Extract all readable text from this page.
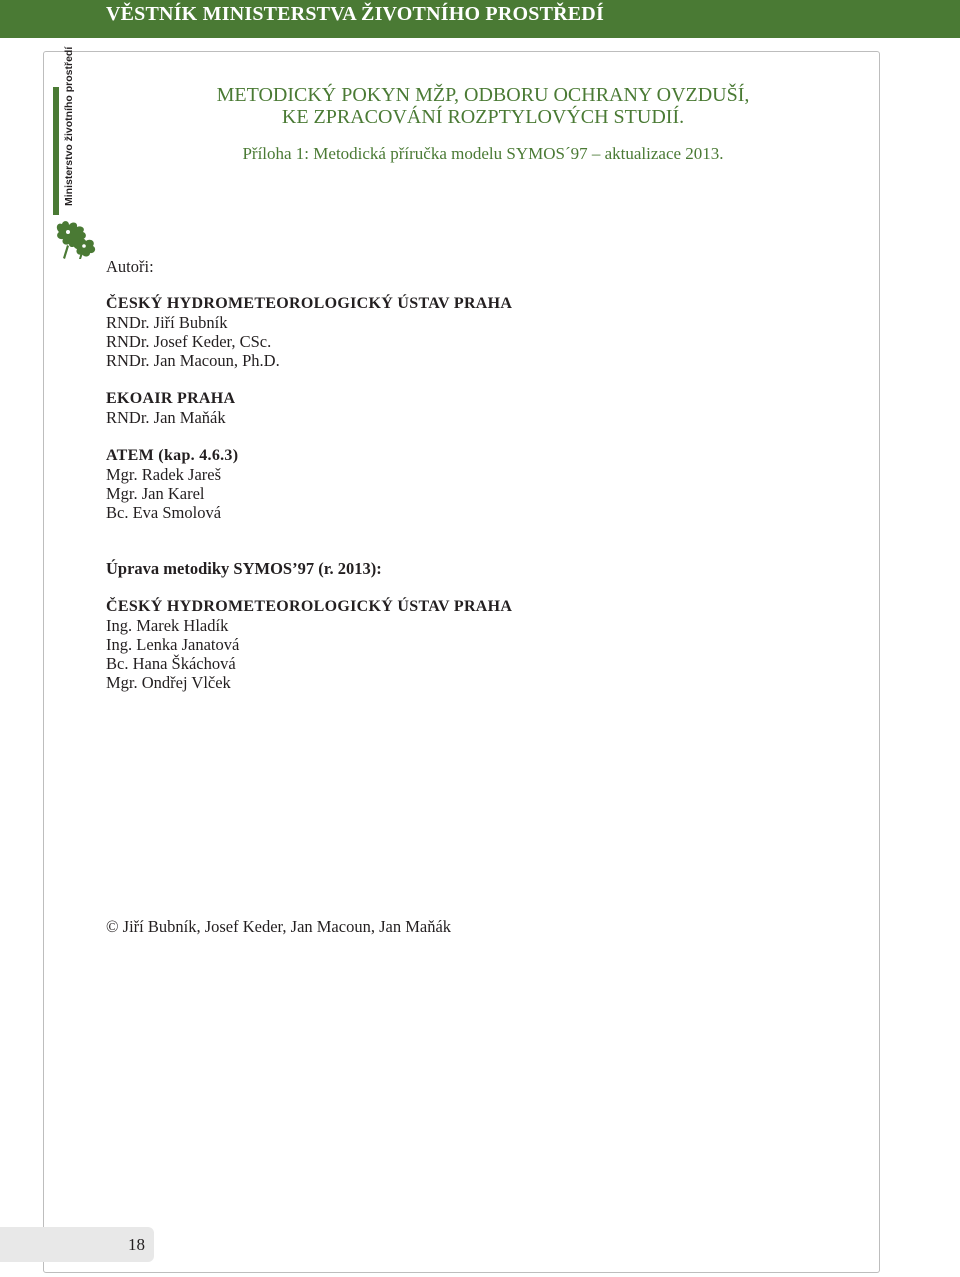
VĚSTNÍK MINISTERSTVA ŽIVOTNÍHO PROSTŘEDÍ
Ministerstvo životního prostředí	METODICKÝ POKYN MŽP, ODBORU OCHRANY OVZDUŠÍ,
KE ZPRACOVÁNÍ ROZPTYLOVÝCH STUDIÍ.
Příloha 1: Metodická příručka modelu SYMOS´97 – aktualizace 2013.
Autoři:
ČESKÝ HYDROMETEOROLOGICKÝ ÚSTAV PRAHA
RNDr. Jiří Bubník
RNDr. Josef Keder, CSc.
RNDr. Jan Macoun, Ph.D.
EKOAIR PRAHA
RNDr. Jan Maňák
ATEM (kap. 4.6.3)
Mgr. Radek Jareš
Mgr. Jan Karel
Bc. Eva Smolová
Úprava metodiky SYMOS’97 (r. 2013):
ČESKÝ HYDROMETEOROLOGICKÝ ÚSTAV PRAHA
Ing. Marek Hladík
Ing. Lenka Janatová
Bc. Hana Škáchová
Mgr. Ondřej Vlček
© Jiří Bubník, Josef Keder, Jan Macoun, Jan Maňák
18
